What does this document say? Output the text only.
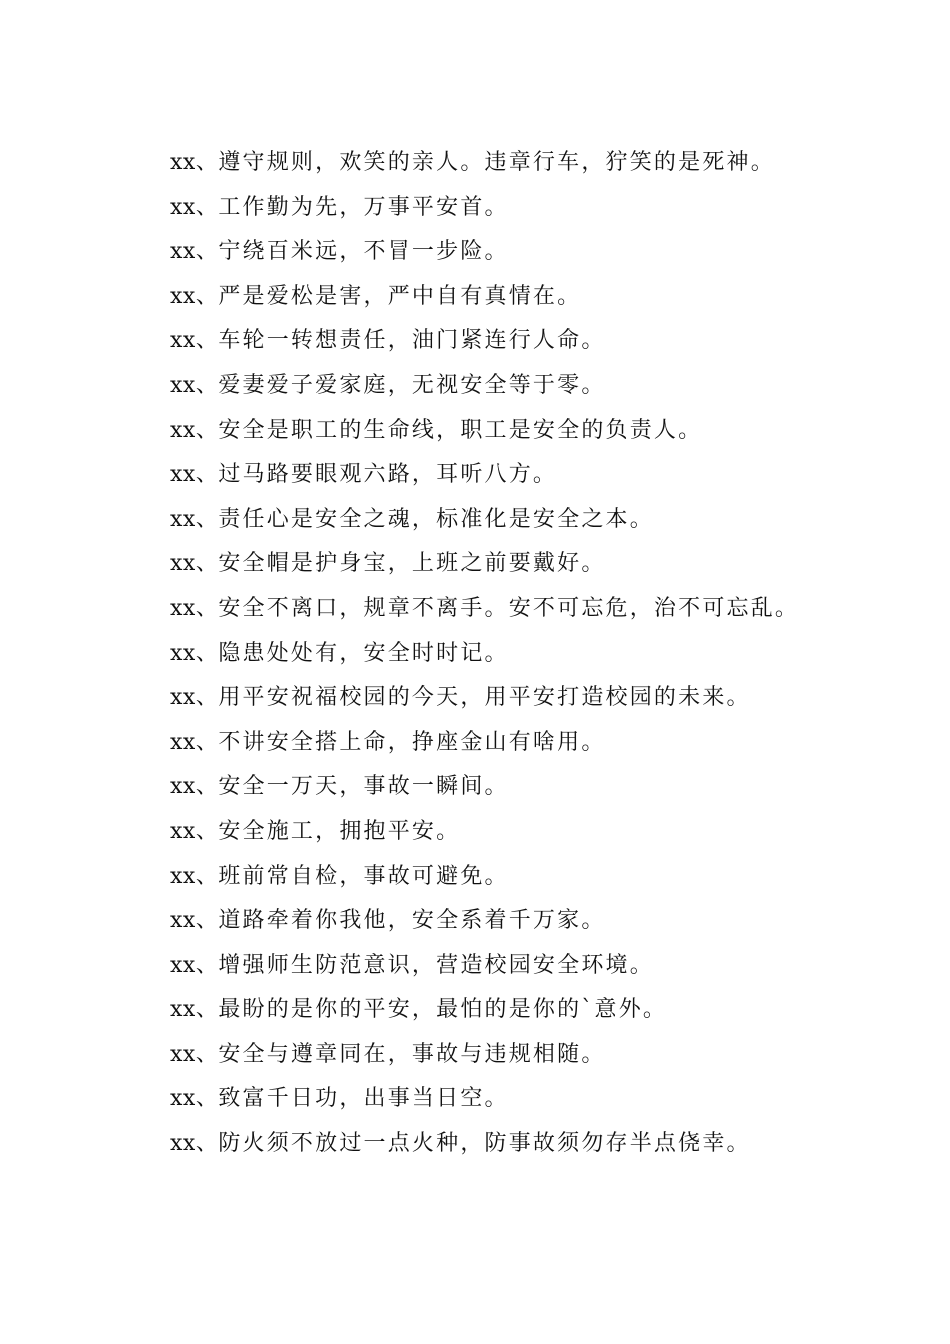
xx、遵守规则，欢笑的亲人。违章行车，狞笑的是死神。
xx、工作勤为先，万事平安首。
xx、宁绕百米远，不冒一步险。
xx、严是爱松是害，严中自有真情在。
xx、车轮一转想责任，油门紧连行人命。
xx、爱妻爱子爱家庭，无视安全等于零。
xx、安全是职工的生命线，职工是安全的负责人。
xx、过马路要眼观六路，耳听八方。
xx、责任心是安全之魂，标准化是安全之本。
xx、安全帽是护身宝，上班之前要戴好。
xx、安全不离口，规章不离手。安不可忘危，治不可忘乱。
xx、隐患处处有，安全时时记。
xx、用平安祝福校园的今天，用平安打造校园的未来。
xx、不讲安全搭上命，挣座金山有啥用。
xx、安全一万天，事故一瞬间。
xx、安全施工，拥抱平安。
xx、班前常自检，事故可避免。
xx、道路牵着你我他，安全系着千万家。
xx、增强师生防范意识，营造校园安全环境。
xx、最盼的是你的平安，最怕的是你的`意外。
xx、安全与遵章同在，事故与违规相随。
xx、致富千日功，出事当日空。
xx、防火须不放过一点火种，防事故须勿存半点侥幸。
